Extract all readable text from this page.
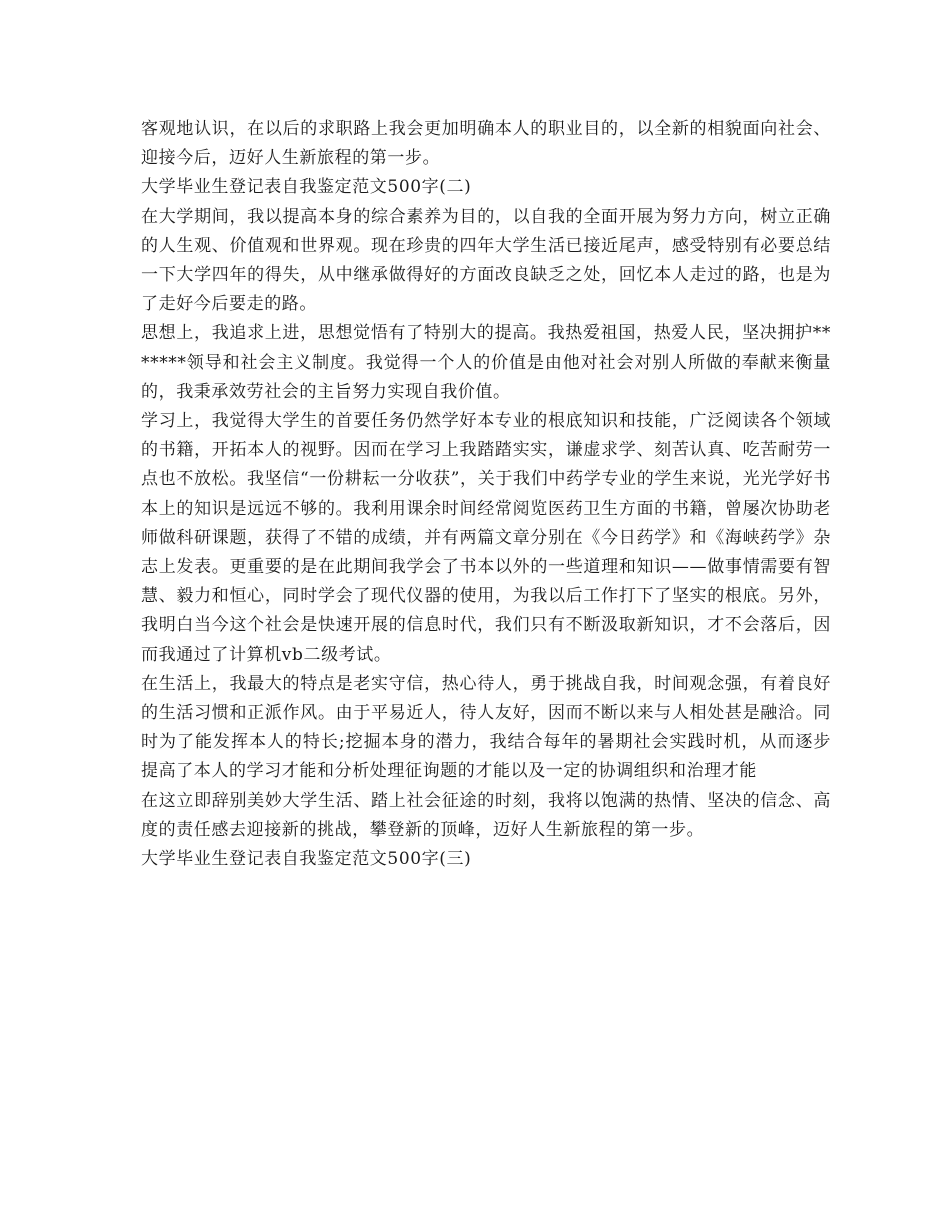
客观地认识，在以后的求职路上我会更加明确本人的职业目的，以全新的相貌面向社会、迎接今后，迈好人生新旅程的第一步。

大学毕业生登记表自我鉴定范文500字(二)

在大学期间，我以提高本身的综合素养为目的，以自我的全面开展为努力方向，树立正确的人生观、价值观和世界观。现在珍贵的四年大学生活已接近尾声，感受特别有必要总结一下大学四年的得失，从中继承做得好的方面改良缺乏之处，回忆本人走过的路，也是为了走好今后要走的路。

思想上，我追求上进，思想觉悟有了特别大的提高。我热爱祖国，热爱人民，坚决拥护*******领导和社会主义制度。我觉得一个人的价值是由他对社会对别人所做的奉献来衡量的，我秉承效劳社会的主旨努力实现自我价值。

学习上，我觉得大学生的首要任务仍然学好本专业的根底知识和技能，广泛阅读各个领域的书籍，开拓本人的视野。因而在学习上我踏踏实实，谦虚求学、刻苦认真、吃苦耐劳一点也不放松。我坚信“一份耕耘一分收获”，关于我们中药学专业的学生来说，光光学好书本上的知识是远远不够的。我利用课余时间经常阅览医药卫生方面的书籍，曾屡次协助老师做科研课题，获得了不错的成绩，并有两篇文章分别在《今日药学》和《海峡药学》杂志上发表。更重要的是在此期间我学会了书本以外的一些道理和知识——做事情需要有智慧、毅力和恒心，同时学会了现代仪器的使用，为我以后工作打下了坚实的根底。另外，我明白当今这个社会是快速开展的信息时代，我们只有不断汲取新知识，才不会落后，因而我通过了计算机vb二级考试。

在生活上，我最大的特点是老实守信，热心待人，勇于挑战自我，时间观念强，有着良好的生活习惯和正派作风。由于平易近人，待人友好，因而不断以来与人相处甚是融洽。同时为了能发挥本人的特长;挖掘本身的潜力，我结合每年的暑期社会实践时机，从而逐步提高了本人的学习才能和分析处理征询题的才能以及一定的协调组织和治理才能

在这立即辞别美妙大学生活、踏上社会征途的时刻，我将以饱满的热情、坚决的信念、高度的责任感去迎接新的挑战，攀登新的顶峰，迈好人生新旅程的第一步。

大学毕业生登记表自我鉴定范文500字(三)
